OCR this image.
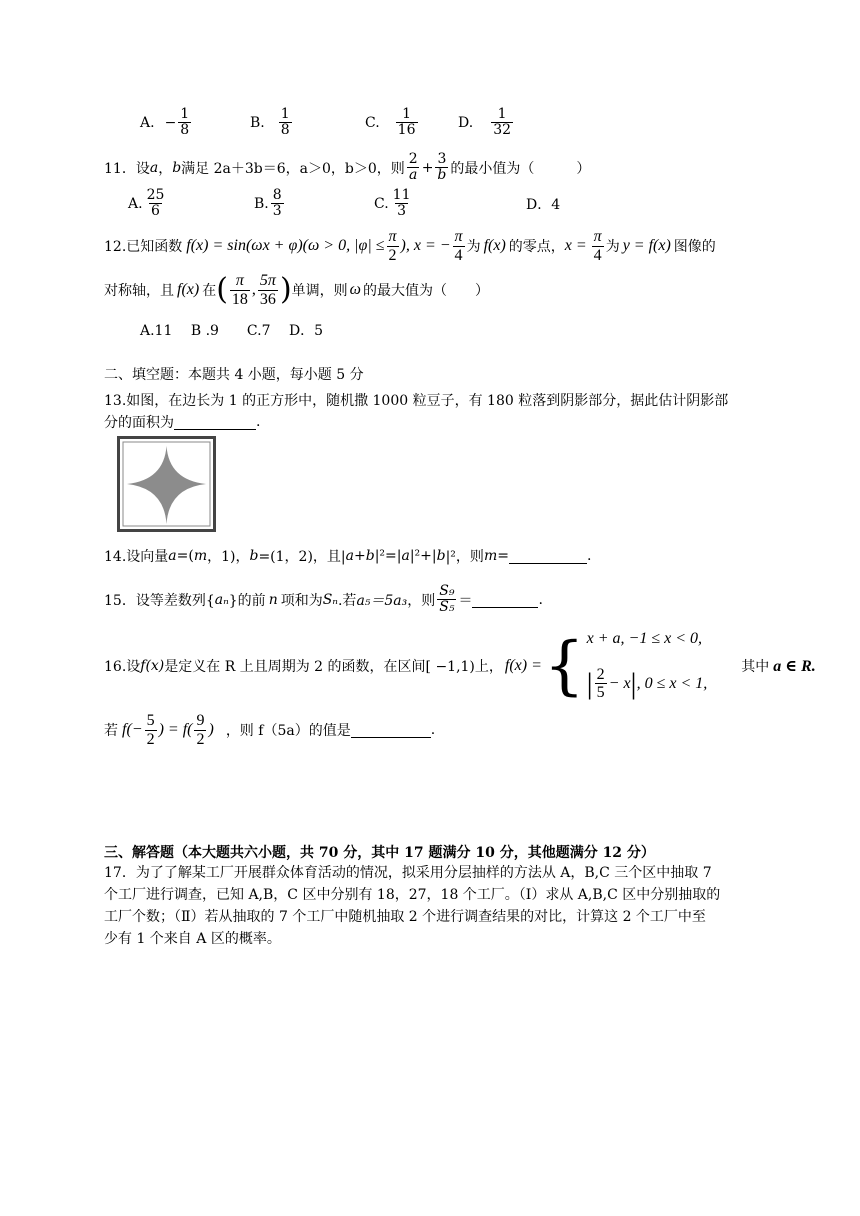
A. − $\frac{1}{8}$	B. $\frac{1}{8}$	C. $\frac{1}{16}$	D. $\frac{1}{32}$
11．设 a ， b 满足 2a＋3b＝6，a＞0，b＞0，则 $\frac{2}{a} + \frac{3}{b}$ 的最小值为（　　　）
A. $\frac{25}{6}$	B. $\frac{8}{3}$	C. $\frac{11}{3}$	D．4
12.已知函数 f(x) = sin(ωx + φ)(ω > 0, $|\varphi| \le \frac{\pi}{2}$ ), x = − $\frac{\pi}{4}$ 为 f(x) 的零点， $x = \frac{\pi}{4}$ 为 y = f(x) 图像的
对称轴，且 f(x) 在 ( $\frac{\pi}{18}$ , $\frac{5\pi}{36}$ ) 单调，则 ω 的最大值为（　　）
A.11　 B .9　　C.7　 D．5
二、填空题：本题共 4 小题，每小题 5 分
13.如图，在边长为 1 的正方形中，随机撒 1000 粒豆子，有 180 粒落到阴影部分，据此估计阴影部
分的面积为	.
14.设向量 a =( m ，1)， b =(1，2)，且| a + b |²=| a |²+| b |²，则 m =	.
15．设等差数列{ aₙ }的前 n 项和为 Sₙ .若 a₅＝5a₃ ，则 $\frac{\text{S₉}}{\text{S₅}}$ ＝	.
16.设 f(x) 是定义在 R 上且周期为 2 的函数，在区间[ −1,1)上， f(x) = { x + a, −1 ≤ x < 0,
| $\frac{2}{5} - x$ | , 0 ≤ x < 1,
其中 a ∈ R.
若 $f(- \frac{5}{2}$ ) = $f( \frac{9}{2}$ ) ，则 f（5a）的值是	.
三、解答题（本大题共六小题，共 70 分，其中 17 题满分 10 分，其他题满分 12 分）
17．为了了解某工厂开展群众体育活动的情况，拟采用分层抽样的方法从 A，B,C 三个区中抽取 7
个工厂进行调查，已知 A,B，C 区中分别有 18，27，18 个工厂。（Ⅰ）求从 A,B,C 区中分别抽取的
工厂个数；（Ⅱ）若从抽取的 7 个工厂中随机抽取 2 个进行调查结果的对比，计算这 2 个工厂中至
少有 1 个来自 A 区的概率。
